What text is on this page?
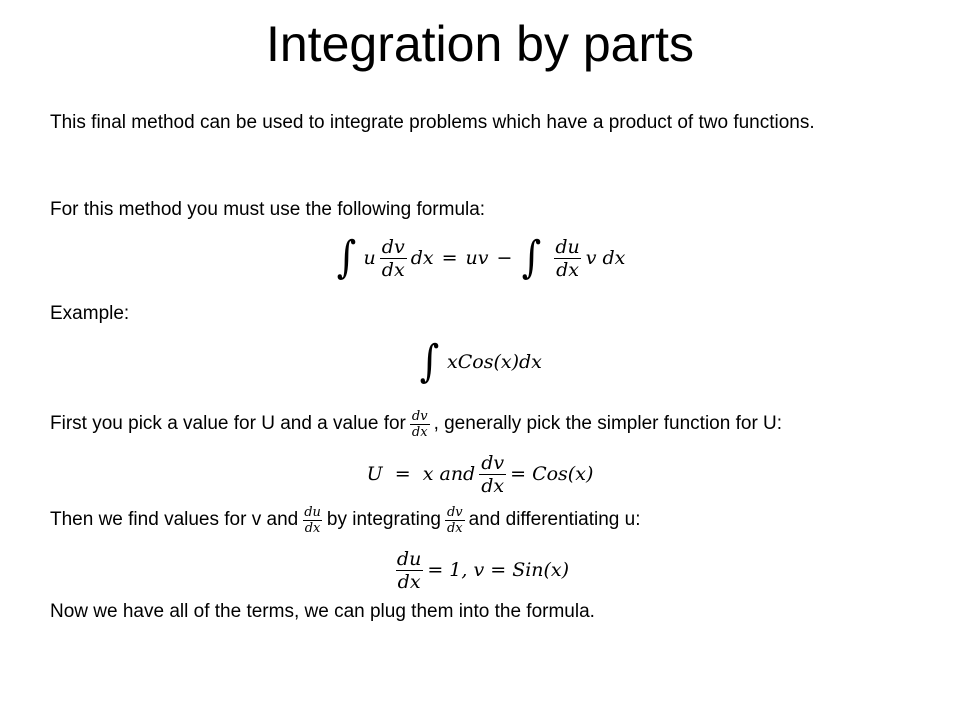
Integration by parts
This final method can be used to integrate problems which have a product of two functions.
For this method you must use the following formula:
∫ u $\frac{dv}{dx}$ dx = uv − ∫ $\frac{du}{dx}$ v dx
Example:
∫ xCos(x)dx
First you pick a value for U and a value for $\frac{dv}{dx}$ , generally pick the simpler function for U:
U  =  x and $\frac{dv}{dx} = Cos(x)$
Then we find values for v and $\frac{du}{dx}$ by integrating $\frac{dv}{dx}$ and differentiating u:
$\frac{du}{dx} = 1$, v = Sin(x)
Now we have all of the terms, we can plug them into the formula.
